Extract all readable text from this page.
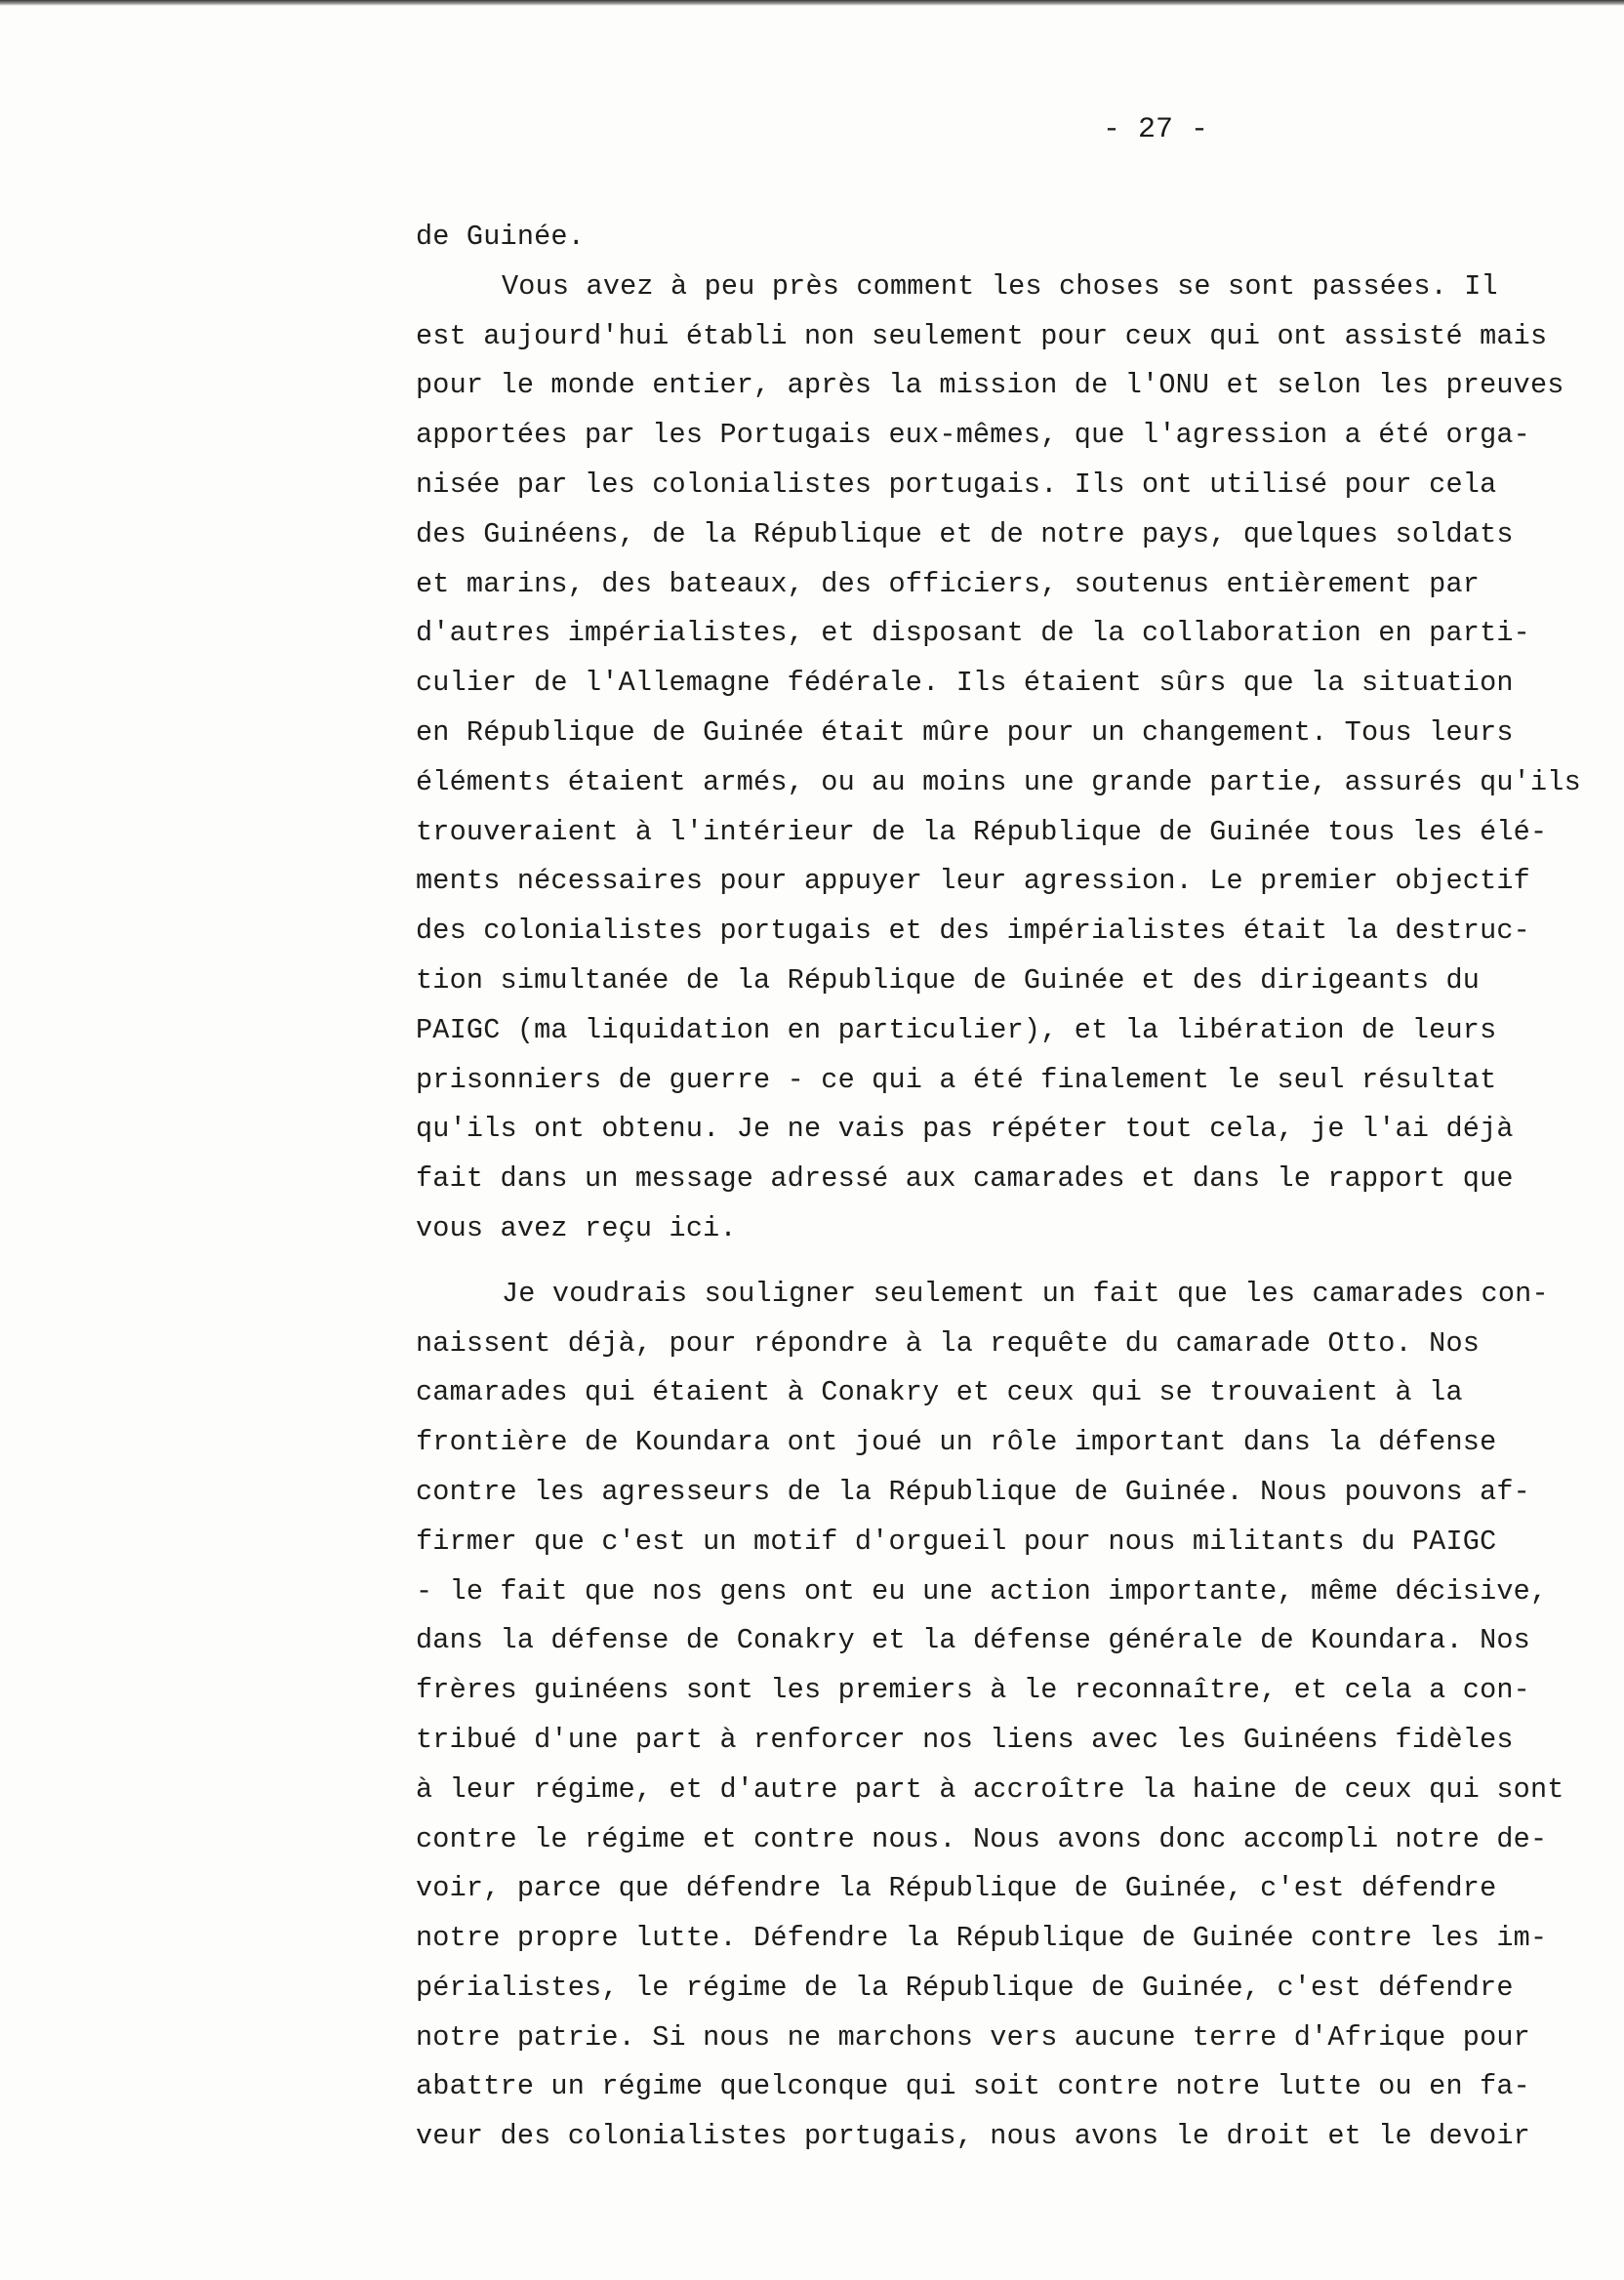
- 27 -
de Guinée.
Vous avez à peu près comment les choses se sont passées. Il
est aujourd'hui établi non seulement pour ceux qui ont assisté mais
pour le monde entier, après la mission de l'ONU et selon les preuves
apportées par les Portugais eux-mêmes, que l'agression a été orga-
nisée par les colonialistes portugais. Ils ont utilisé pour cela
des Guinéens, de la République et de notre pays, quelques soldats
et marins, des bateaux, des officiers, soutenus entièrement par
d'autres impérialistes, et disposant de la collaboration en parti-
culier de l'Allemagne fédérale. Ils étaient sûrs que la situation
en République de Guinée était mûre pour un changement. Tous leurs
éléments étaient armés, ou au moins une grande partie, assurés qu'ils
trouveraient à l'intérieur de la République de Guinée tous les élé-
ments nécessaires pour appuyer leur agression. Le premier objectif
des colonialistes portugais et des impérialistes était la destruc-
tion simultanée de la République de Guinée et des dirigeants du
PAIGC (ma liquidation en particulier), et la libération de leurs
prisonniers de guerre - ce qui a été finalement le seul résultat
qu'ils ont obtenu. Je ne vais pas répéter tout cela, je l'ai déjà
fait dans un message adressé aux camarades et dans le rapport que
vous avez reçu ici.
Je voudrais souligner seulement un fait que les camarades con-
naissent déjà, pour répondre à la requête du camarade Otto. Nos
camarades qui étaient à Conakry et ceux qui se trouvaient à la
frontière de Koundara ont joué un rôle important dans la défense
contre les agresseurs de la République de Guinée. Nous pouvons af-
firmer que c'est un motif d'orgueil pour nous militants du PAIGC
- le fait que nos gens ont eu une action importante, même décisive,
dans la défense de Conakry et la défense générale de Koundara. Nos
frères guinéens sont les premiers à le reconnaître, et cela a con-
tribué d'une part à renforcer nos liens avec les Guinéens fidèles
à leur régime, et d'autre part à accroître la haine de ceux qui sont
contre le régime et contre nous. Nous avons donc accompli notre de-
voir, parce que défendre la République de Guinée, c'est défendre
notre propre lutte. Défendre la République de Guinée contre les im-
périalistes, le régime de la République de Guinée, c'est défendre
notre patrie. Si nous ne marchons vers aucune terre d'Afrique pour
abattre un régime quelconque qui soit contre notre lutte ou en fa-
veur des colonialistes portugais, nous avons le droit et le devoir
